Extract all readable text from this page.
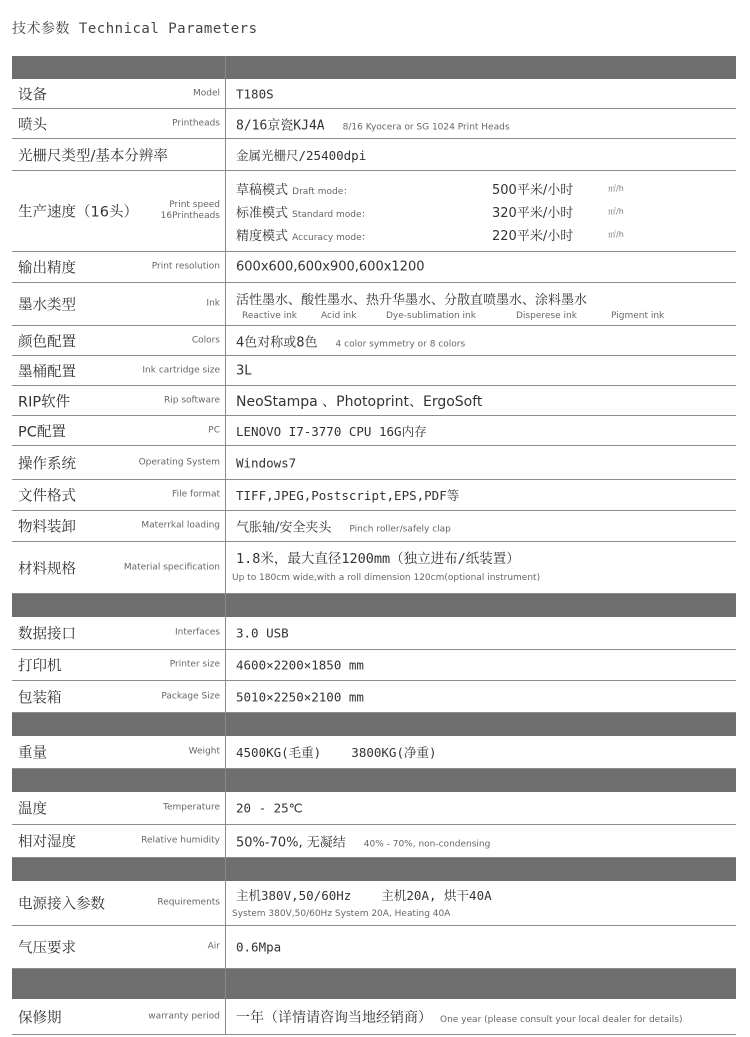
技术参数 Technical Parameters
设备	Model T180S
喷头	Printheads 8/16京瓷KJ4A 8/16 Kyocera or SG 1024 Print Heads
光栅尺类型/基本分辨率	金属光栅尺/25400dpi
生产速度（16头）	Print speed
16Printheads
草稿模式 Draft mode：	500平米/小时	㎡/h
标准模式 Standard mode：	320平米/小时	㎡/h
精度模式 Accuracy mode：	220平米/小时	㎡/h
输出精度	Print resolution 600x600,600x900,600x1200
墨水类型	Ink 活性墨水、酸性墨水、热升华墨水、分散直喷墨水、涂料墨水
Reactive ink	Acid ink	Dye-sublimation ink	Disperese ink	Pigment ink
颜色配置	Colors 4色对称或8色 4 color symmetry or 8 colors
墨桶配置	Ink cartridge size 3L
RIP软件	Rip software NeoStampa 、Photoprint、ErgoSoft
PC配置	PC LENOVO I7-3770 CPU 16G内存
操作系统	Operating System Windows7
文件格式	File format TIFF,JPEG,Postscript,EPS,PDF等
物料装卸	Materrkal loading 气胀轴/安全夹头 Pinch roller/safely clap
材料规格	Material specification 1.8米，最大直径1200mm（独立进布/纸装置）
Up to 180cm wide,with a roll dimension 120cm(optional instrument)
数据接口	Interfaces 3.0 USB
打印机	Printer size 4600×2200×1850 mm
包装箱	Package Size 5010×2250×2100 mm
重量	Weight 4500KG(毛重)    3800KG(净重)
温度	Temperature 20 - 25℃
相对湿度	Relative humidity 50%-70%, 无凝结 40% - 70%, non-condensing
电源接入参数	Requirements 主机380V,50/60Hz    主机20A, 烘干40A
System 380V,50/60Hz System 20A, Heating 40A
气压要求	Air 0.6Mpa
保修期	warranty period 一年（详情请咨询当地经销商） One year (please consult your local dealer for details)
